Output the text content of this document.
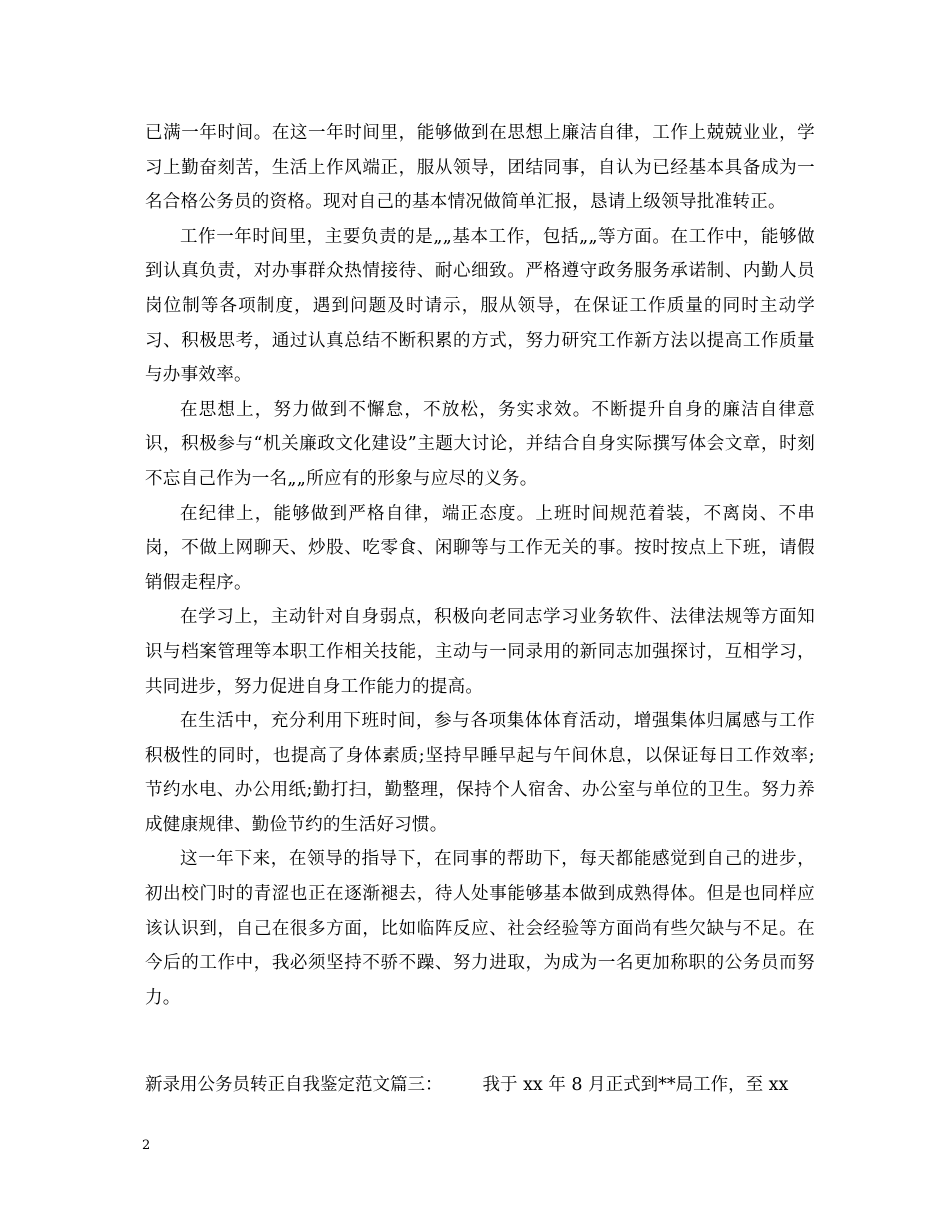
已满一年时间。在这一年时间里，能够做到在思想上廉洁自律，工作上兢兢业业，学习上勤奋刻苦，生活上作风端正，服从领导，团结同事，自认为已经基本具备成为一名合格公务员的资格。现对自己的基本情况做简单汇报，恳请上级领导批准转正。

工作一年时间里，主要负责的是„„基本工作，包括„„等方面。在工作中，能够做到认真负责，对办事群众热情接待、耐心细致。严格遵守政务服务承诺制、内勤人员岗位制等各项制度，遇到问题及时请示，服从领导，在保证工作质量的同时主动学习、积极思考，通过认真总结不断积累的方式，努力研究工作新方法以提高工作质量与办事效率。

在思想上，努力做到不懈怠，不放松，务实求效。不断提升自身的廉洁自律意识，积极参与“机关廉政文化建设”主题大讨论，并结合自身实际撰写体会文章，时刻不忘自己作为一名„„所应有的形象与应尽的义务。

在纪律上，能够做到严格自律，端正态度。上班时间规范着装，不离岗、不串岗，不做上网聊天、炒股、吃零食、闲聊等与工作无关的事。按时按点上下班，请假销假走程序。

在学习上，主动针对自身弱点，积极向老同志学习业务软件、法律法规等方面知识与档案管理等本职工作相关技能，主动与一同录用的新同志加强探讨，互相学习，共同进步，努力促进自身工作能力的提高。

在生活中，充分利用下班时间，参与各项集体体育活动，增强集体归属感与工作积极性的同时，也提高了身体素质;坚持早睡早起与午间休息，以保证每日工作效率;节约水电、办公用纸;勤打扫，勤整理，保持个人宿舍、办公室与单位的卫生。努力养成健康规律、勤俭节约的生活好习惯。

这一年下来，在领导的指导下，在同事的帮助下，每天都能感觉到自己的进步，初出校门时的青涩也正在逐渐褪去，待人处事能够基本做到成熟得体。但是也同样应该认识到，自己在很多方面，比如临阵反应、社会经验等方面尚有些欠缺与不足。在今后的工作中，我必须坚持不骄不躁、努力进取，为成为一名更加称职的公务员而努力。

新录用公务员转正自我鉴定范文篇三： 我于 xx 年 8 月正式到**局工作，至 xx
2
